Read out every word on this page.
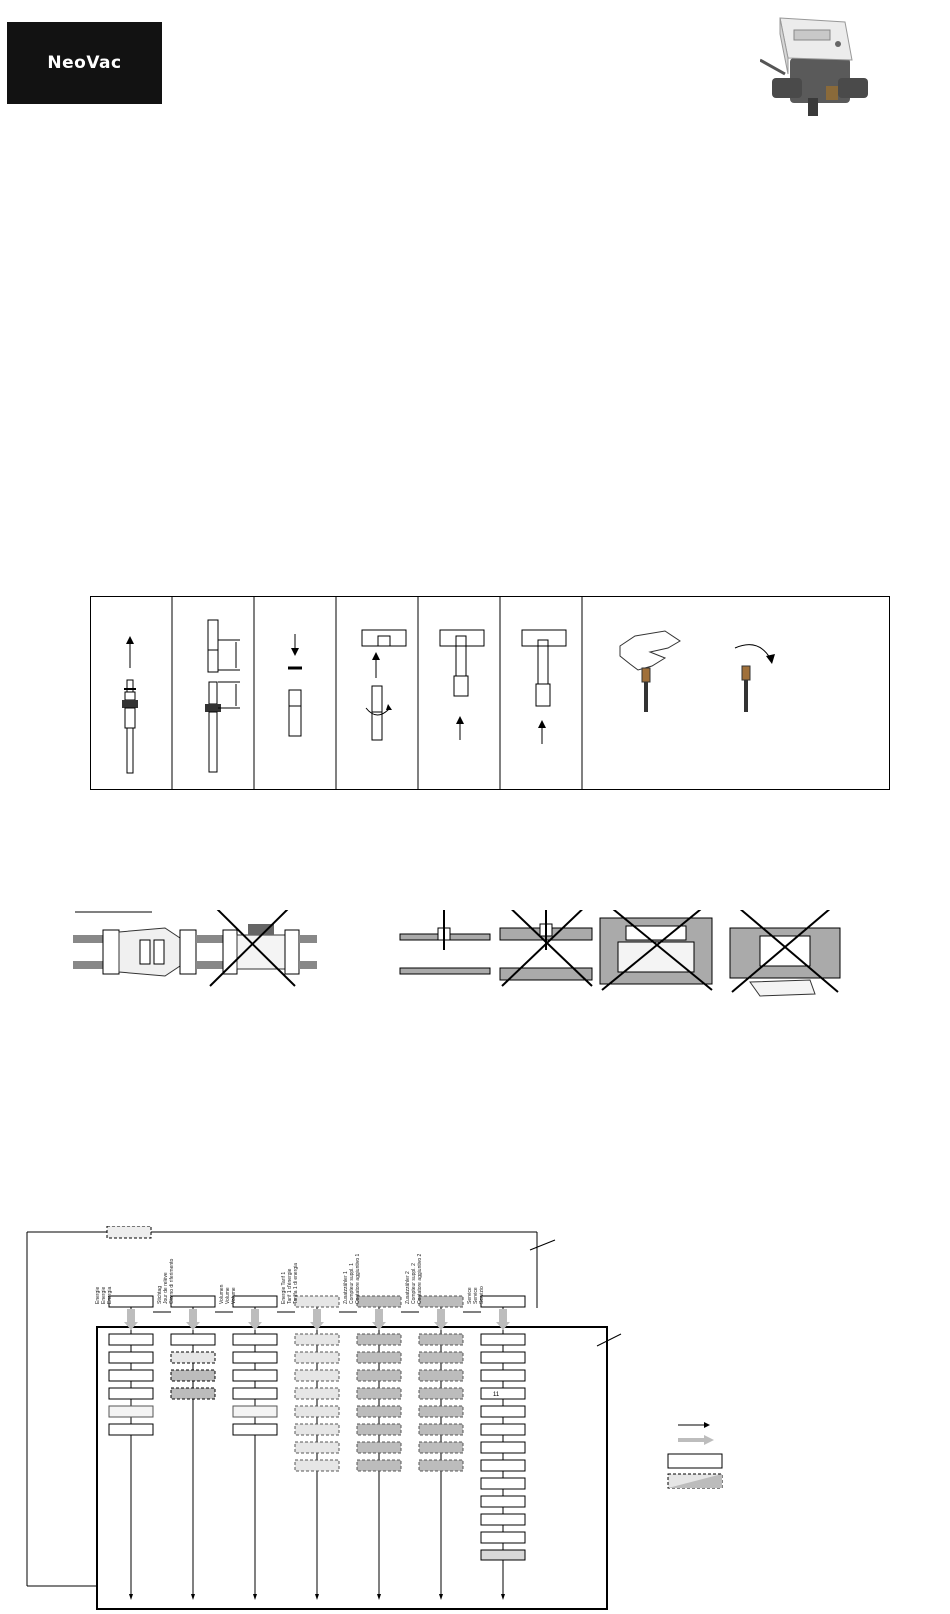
NeoVac
11
Energie Energie Energia	Stichtag Jour de relève Giorno di riferimento	Volumen Volume Volume	Energie Tarif 1 Tarif 1 d'énergie Tariffa 1 di energia	Zusatzzähler 1 Compteur suppl. 1 Contatore aggiuntivo 1	Zusatzzähler 2 Compteur suppl. 2 Contatore aggiuntivo 2	Service Service Servizio
